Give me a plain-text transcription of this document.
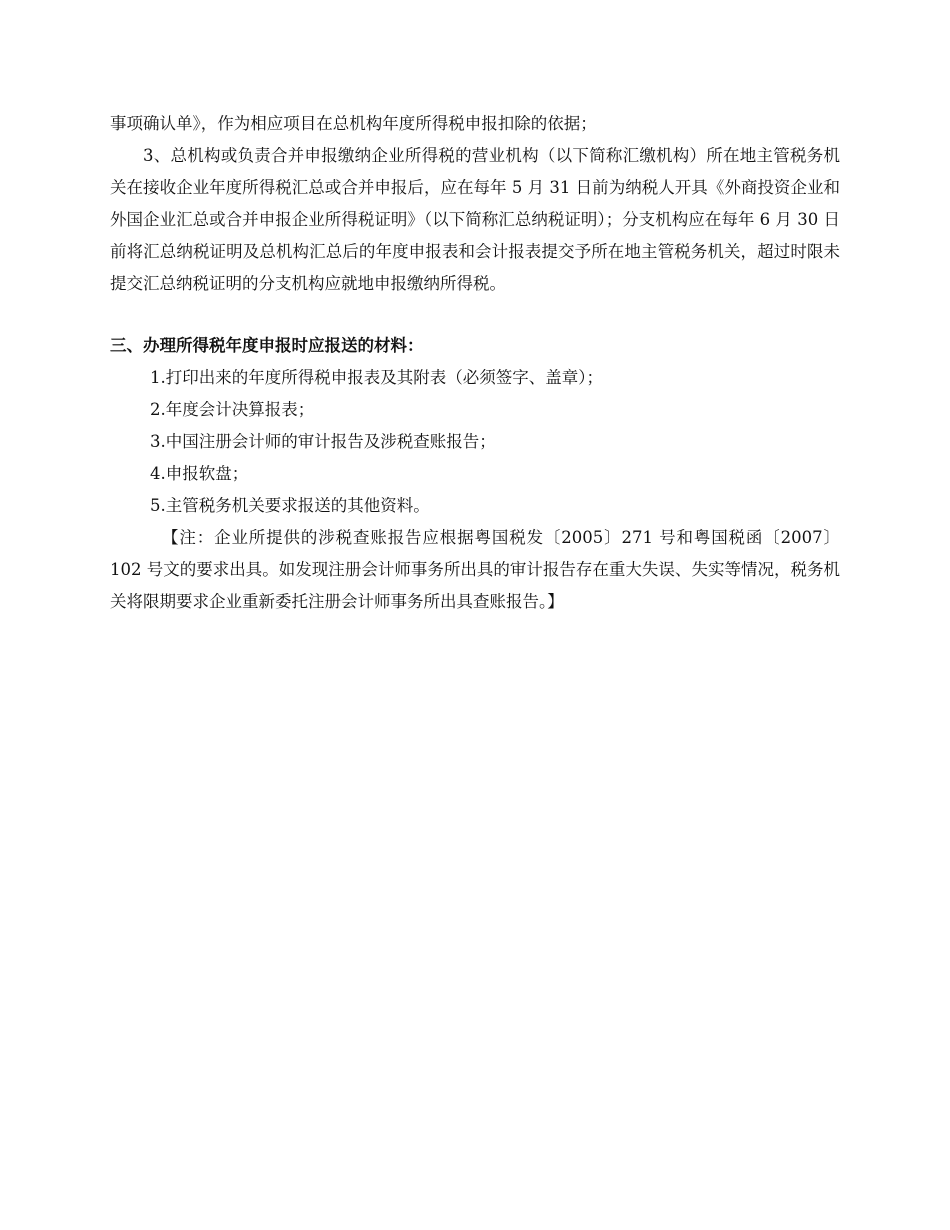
事项确认单》，作为相应项目在总机构年度所得税申报扣除的依据；

3、总机构或负责合并申报缴纳企业所得税的营业机构（以下简称汇缴机构）所在地主管税务机关在接收企业年度所得税汇总或合并申报后，应在每年 5 月 31 日前为纳税人开具《外商投资企业和外国企业汇总或合并申报企业所得税证明》（以下简称汇总纳税证明）；分支机构应在每年 6 月 30 日前将汇总纳税证明及总机构汇总后的年度申报表和会计报表提交予所在地主管税务机关，超过时限未提交汇总纳税证明的分支机构应就地申报缴纳所得税。

三、办理所得税年度申报时应报送的材料：

1.打印出来的年度所得税申报表及其附表（必须签字、盖章）；

2.年度会计决算报表；

3.中国注册会计师的审计报告及涉税查账报告；

4.申报软盘；

5.主管税务机关要求报送的其他资料。

【注：企业所提供的涉税查账报告应根据粤国税发〔2005〕271 号和粤国税函〔2007〕102 号文的要求出具。如发现注册会计师事务所出具的审计报告存在重大失误、失实等情况，税务机关将限期要求企业重新委托注册会计师事务所出具查账报告。】
